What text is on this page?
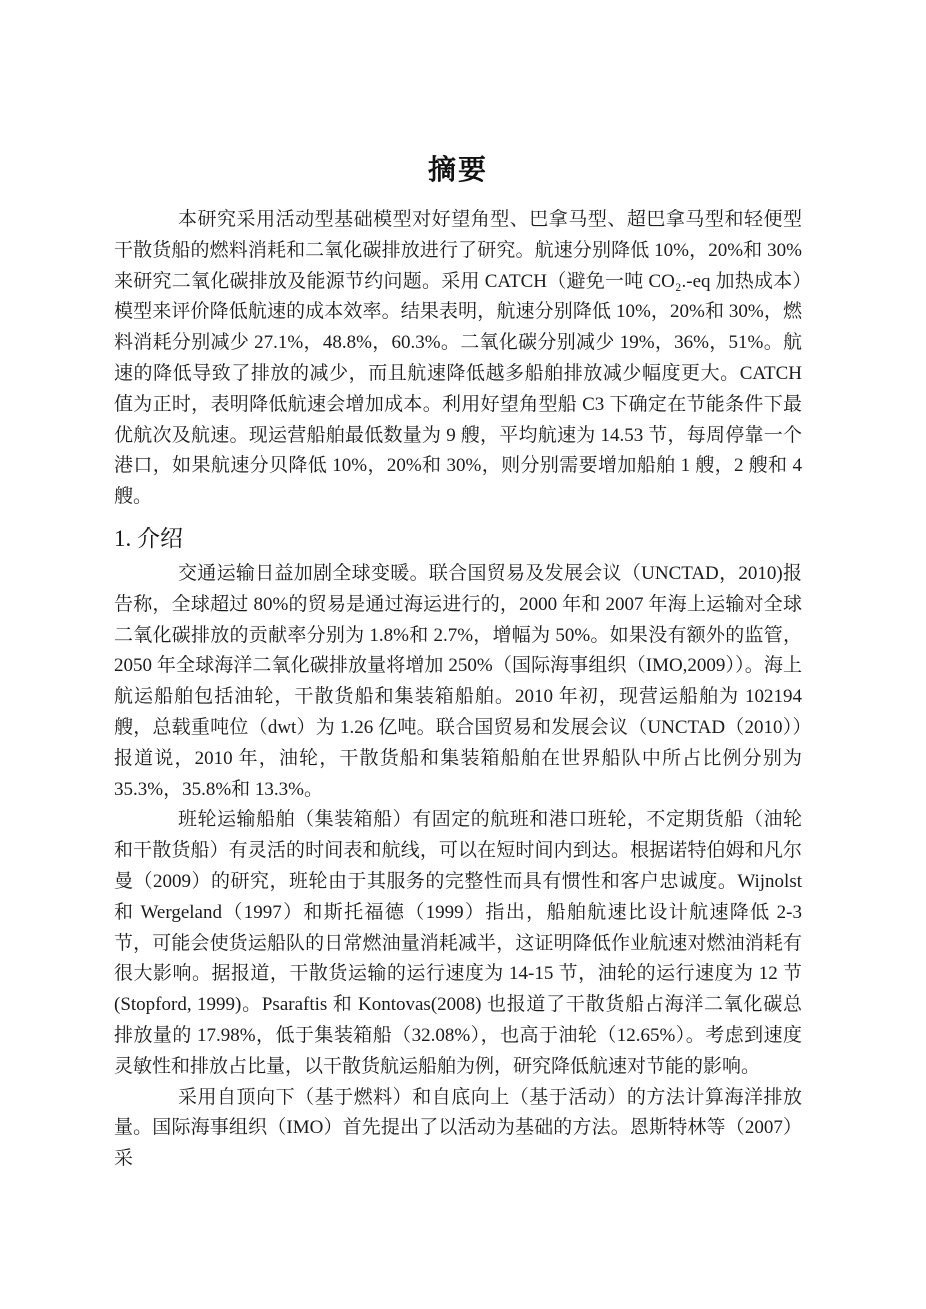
摘要

本研究采用活动型基础模型对好望角型、巴拿马型、超巴拿马型和轻便型干散货船的燃料消耗和二氧化碳排放进行了研究。航速分别降低 10%，20%和 30%来研究二氧化碳排放及能源节约问题。采用 CATCH（避免一吨 CO₂.-eq 加热成本）模型来评价降低航速的成本效率。结果表明，航速分别降低 10%，20%和 30%，燃料消耗分别减少 27.1%，48.8%，60.3%。二氧化碳分别减少 19%，36%，51%。航速的降低导致了排放的减少，而且航速降低越多船舶排放减少幅度更大。CATCH 值为正时，表明降低航速会增加成本。利用好望角型船 C3 下确定在节能条件下最优航次及航速。现运营船舶最低数量为 9 艘，平均航速为 14.53 节，每周停靠一个港口，如果航速分贝降低 10%，20%和 30%，则分别需要增加船舶 1 艘，2 艘和 4 艘。

1. 介绍

交通运输日益加剧全球变暖。联合国贸易及发展会议（UNCTAD，2010)报告称，全球超过 80%的贸易是通过海运进行的，2000 年和 2007 年海上运输对全球二氧化碳排放的贡献率分别为 1.8%和 2.7%，增幅为 50%。如果没有额外的监管，2050 年全球海洋二氧化碳排放量将增加 250%（国际海事组织（IMO,2009））。海上航运船舶包括油轮，干散货船和集装箱船舶。2010 年初，现营运船舶为 102194 艘，总载重吨位（dwt）为 1.26 亿吨。联合国贸易和发展会议（UNCTAD（2010））报道说，2010 年，油轮，干散货船和集装箱船舶在世界船队中所占比例分别为 35.3%，35.8%和 13.3%。

班轮运输船舶（集装箱船）有固定的航班和港口班轮，不定期货船（油轮和干散货船）有灵活的时间表和航线，可以在短时间内到达。根据诺特伯姆和凡尔曼（2009）的研究，班轮由于其服务的完整性而具有惯性和客户忠诚度。Wijnolst 和 Wergeland（1997）和斯托福德（1999）指出，船舶航速比设计航速降低 2-3 节，可能会使货运船队的日常燃油量消耗减半，这证明降低作业航速对燃油消耗有很大影响。据报道，干散货运输的运行速度为 14-15 节，油轮的运行速度为 12 节 (Stopford, 1999)。Psaraftis 和 Kontovas(2008) 也报道了干散货船占海洋二氧化碳总排放量的 17.98%，低于集装箱船（32.08%），也高于油轮（12.65%）。考虑到速度灵敏性和排放占比量，以干散货航运船舶为例，研究降低航速对节能的影响。

采用自顶向下（基于燃料）和自底向上（基于活动）的方法计算海洋排放量。国际海事组织（IMO）首先提出了以活动为基础的方法。恩斯特林等（2007）采
